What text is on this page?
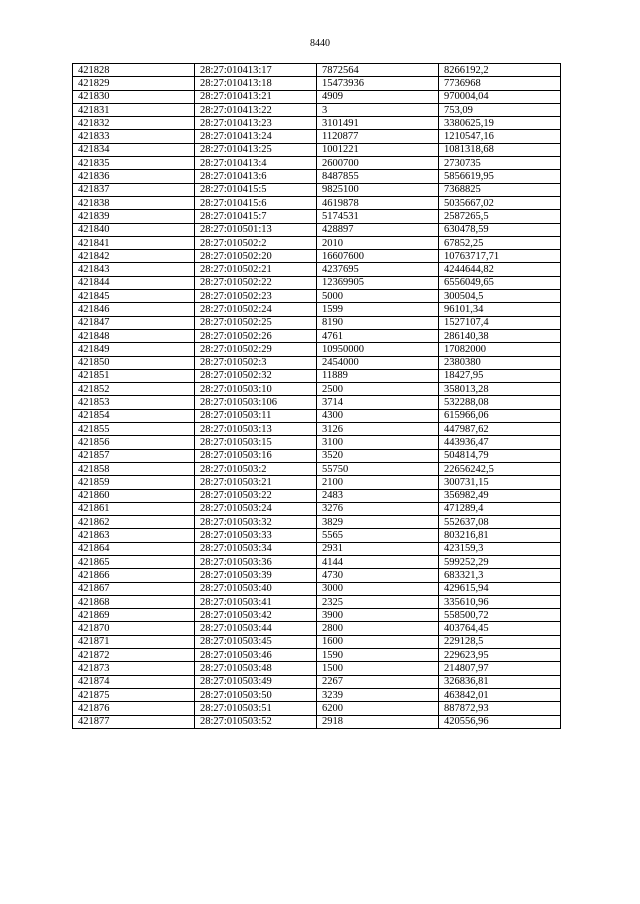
8440
421828	28:27:010413:17	7872564	8266192,2
421829	28:27:010413:18	15473936	7736968
421830	28:27:010413:21	4909	970004,04
421831	28:27:010413:22	3	753,09
421832	28:27:010413:23	3101491	3380625,19
421833	28:27:010413:24	1120877	1210547,16
421834	28:27:010413:25	1001221	1081318,68
421835	28:27:010413:4	2600700	2730735
421836	28:27:010413:6	8487855	5856619,95
421837	28:27:010415:5	9825100	7368825
421838	28:27:010415:6	4619878	5035667,02
421839	28:27:010415:7	5174531	2587265,5
421840	28:27:010501:13	428897	630478,59
421841	28:27:010502:2	2010	67852,25
421842	28:27:010502:20	16607600	10763717,71
421843	28:27:010502:21	4237695	4244644,82
421844	28:27:010502:22	12369905	6556049,65
421845	28:27:010502:23	5000	300504,5
421846	28:27:010502:24	1599	96101,34
421847	28:27:010502:25	8190	1527107,4
421848	28:27:010502:26	4761	286140,38
421849	28:27:010502:29	10950000	17082000
421850	28:27:010502:3	2454000	2380380
421851	28:27:010502:32	11889	18427,95
421852	28:27:010503:10	2500	358013,28
421853	28:27:010503:106	3714	532288,08
421854	28:27:010503:11	4300	615966,06
421855	28:27:010503:13	3126	447987,62
421856	28:27:010503:15	3100	443936,47
421857	28:27:010503:16	3520	504814,79
421858	28:27:010503:2	55750	22656242,5
421859	28:27:010503:21	2100	300731,15
421860	28:27:010503:22	2483	356982,49
421861	28:27:010503:24	3276	471289,4
421862	28:27:010503:32	3829	552637,08
421863	28:27:010503:33	5565	803216,81
421864	28:27:010503:34	2931	423159,3
421865	28:27:010503:36	4144	599252,29
421866	28:27:010503:39	4730	683321,3
421867	28:27:010503:40	3000	429615,94
421868	28:27:010503:41	2325	335610,96
421869	28:27:010503:42	3900	558500,72
421870	28:27:010503:44	2800	403764,45
421871	28:27:010503:45	1600	229128,5
421872	28:27:010503:46	1590	229623,95
421873	28:27:010503:48	1500	214807,97
421874	28:27:010503:49	2267	326836,81
421875	28:27:010503:50	3239	463842,01
421876	28:27:010503:51	6200	887872,93
421877	28:27:010503:52	2918	420556,96
